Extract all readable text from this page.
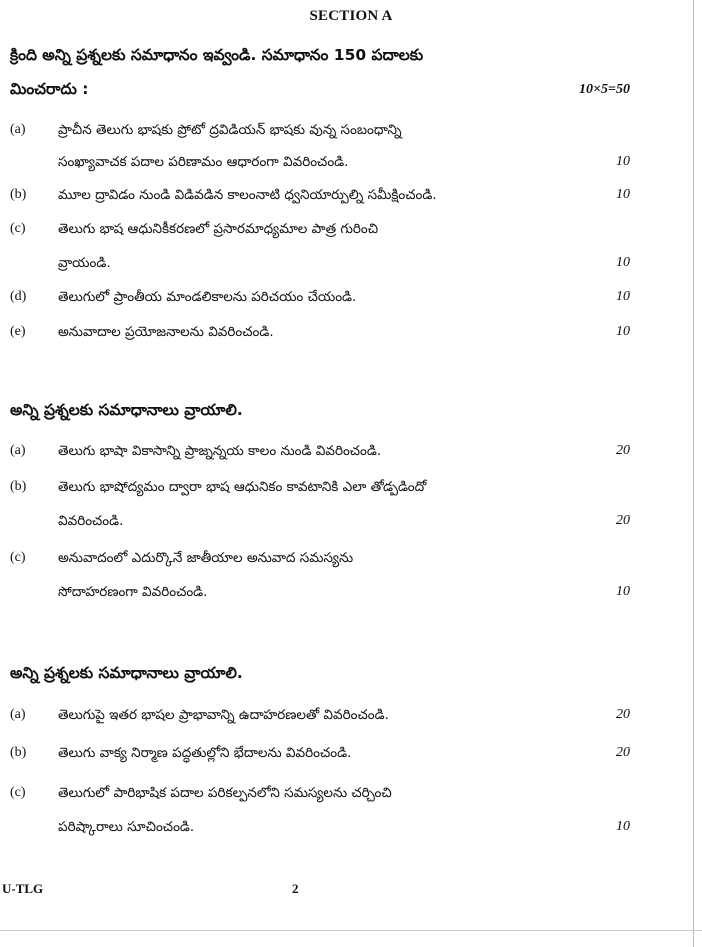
SECTION A
క్రింది అన్ని ప్రశ్నలకు సమాధానం ఇవ్వండి. సమాధానం 150 పదాలకు
మించరాదు :	10×5=50
(a) ప్రాచీన తెలుగు భాషకు ప్రోటో ద్రవిడియన్ భాషకు వున్న సంబంధాన్ని
సంఖ్యావాచక పదాల పరిణామం ఆధారంగా వివరించండి.	10
(b) మూల ద్రావిడం నుండి విడివడిన కాలంనాటి ధ్వనియార్పుల్ని సమీక్షించండి.	10
(c) తెలుగు భాష ఆధునికీకరణలో ప్రసారమాధ్యమాల పాత్ర గురించి
వ్రాయండి.	10
(d) తెలుగులో ప్రాంతీయ మాండలికాలను పరిచయం చేయండి.	10
(e) అనువాదాల ప్రయోజనాలను వివరించండి.	10
అన్ని ప్రశ్నలకు సమాధానాలు వ్రాయాలి.
(a) తెలుగు భాషా వికాసాన్ని ప్రాజ్నన్నయ కాలం నుండి వివరించండి.	20
(b) తెలుగు భాషోద్యమం ద్వారా భాష ఆధునికం కావటానికి ఎలా తోడ్పడిందో
వివరించండి.	20
(c) అనువాదంలో ఎదుర్కొనే జాతీయాల అనువాద సమస్యను
సోదాహరణంగా వివరించండి.	10
అన్ని ప్రశ్నలకు సమాధానాలు వ్రాయాలి.
(a) తెలుగుపై ఇతర భాషల ప్రాభావాన్ని ఉదాహరణలతో వివరించండి.	20
(b) తెలుగు వాక్య నిర్మాణ పద్ధతుల్లోని భేదాలను వివరించండి.	20
(c) తెలుగులో పారిభాషిక పదాల పరికల్పనలోని సమస్యలను చర్చించి
పరిష్కారాలు సూచించండి.	10
U-TLG	2
